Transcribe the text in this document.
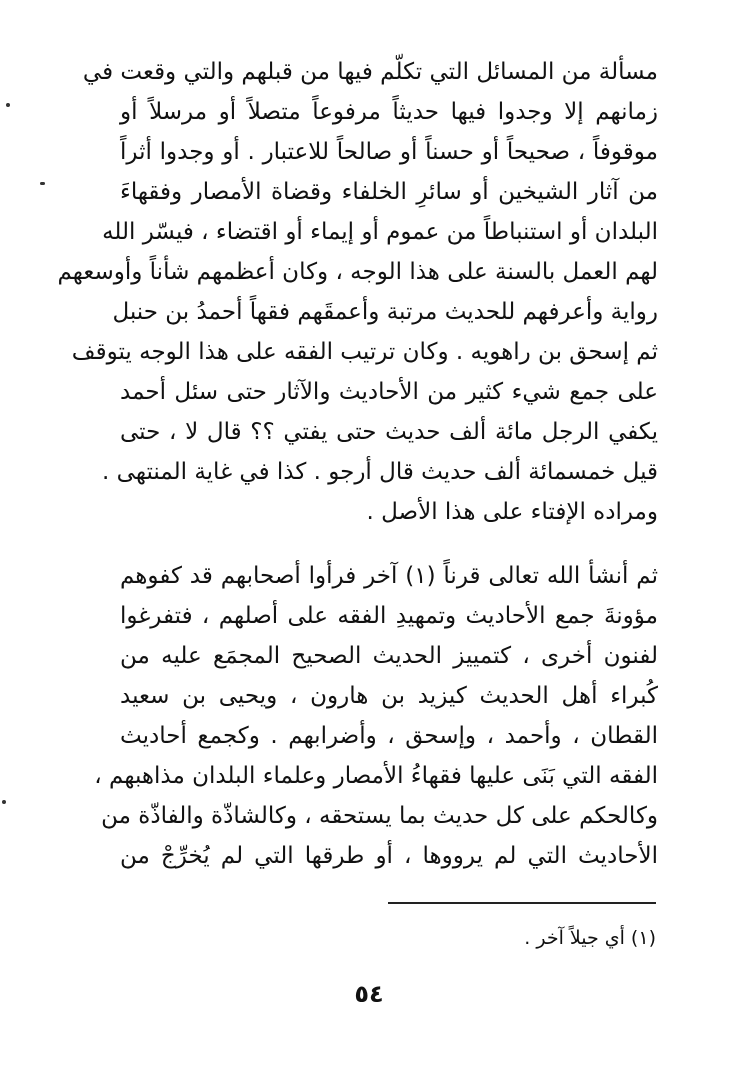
مسألة من المسائل التي تكلّم فيها من قبلهم والتي وقعت في
زمانهم إلا وجدوا فيها حديثاً مرفوعاً متصلاً أو مرسلاً أو
موقوفاً ، صحيحاً أو حسناً أو صالحاً للاعتبار . أو وجدوا أثراً
من آثار الشيخين أو سائرِ الخلفاء وقضاة الأمصار وفقهاءَ
البلدان أو استنباطاً من عموم أو إيماء أو اقتضاء ، فيسّر الله
لهم العمل بالسنة على هذا الوجه ، وكان أعظمهم شأناً وأوسعهم
رواية وأعرفهم للحديث مرتبة وأعمقَهم فقهاً أحمدُ بن حنبل
ثم إسحق بن راهويه . وكان ترتيب الفقه على هذا الوجه يتوقف
على جمع شيء كثير من الأحاديث والآثار حتى سئل أحمد
يكفي الرجل مائة ألف حديث حتى يفتي ؟؟ قال لا ، حتى
قيل خمسمائة ألف حديث قال أرجو . كذا في غاية المنتهى .
ومراده الإفتاء على هذا الأصل .
ثم أنشأ الله تعالى قرناً (١) آخر فرأوا أصحابهم قد كفوهم
مؤونةَ جمع الأحاديث وتمهيدِ الفقه على أصلهم ، فتفرغوا
لفنون أخرى ، كتمييز الحديث الصحيح المجمَع عليه من
كُبراء أهل الحديث كيزيد بن هارون ، ويحيى بن سعيد
القطان ، وأحمد ، وإسحق ، وأضرابهم . وكجمع أحاديث
الفقه التي بَنَى عليها فقهاءُ الأمصار وعلماء البلدان مذاهبهم ،
وكالحكم على كل حديث بما يستحقه ، وكالشاذّة والفاذّة من
الأحاديث التي لم يرووها ، أو طرقها التي لم يُخرِّجْ من
(١) أي جيلاً آخر .
٥٤
